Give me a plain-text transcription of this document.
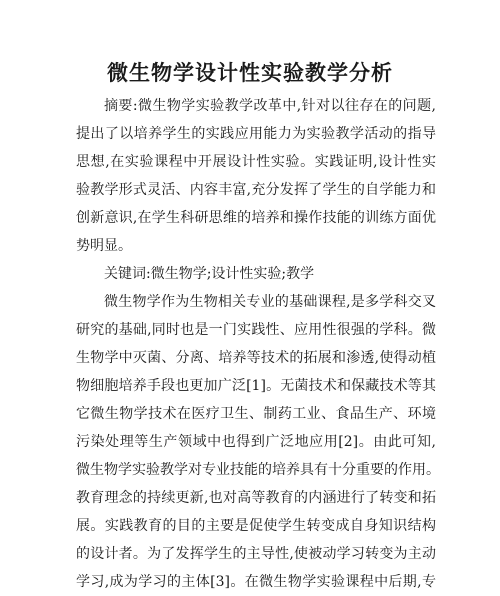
微生物学设计性实验教学分析
摘要:微生物学实验教学改革中,针对以往存在的问题,
提出了以培养学生的实践应用能力为实验教学活动的指导
思想,在实验课程中开展设计性实验。实践证明,设计性实
验教学形式灵活、内容丰富,充分发挥了学生的自学能力和
创新意识,在学生科研思维的培养和操作技能的训练方面优
势明显。
关键词:微生物学;设计性实验;教学
微生物学作为生物相关专业的基础课程,是多学科交叉
研究的基础,同时也是一门实践性、应用性很强的学科。微
生物学中灭菌、分离、培养等技术的拓展和渗透,使得动植
物细胞培养手段也更加广泛[1]。无菌技术和保藏技术等其
它微生物学技术在医疗卫生、制药工业、食品生产、环境
污染处理等生产领域中也得到广泛地应用[2]。由此可知,
微生物学实验教学对专业技能的培养具有十分重要的作用。
教育理念的持续更新,也对高等教育的内涵进行了转变和拓
展。实践教育的目的主要是促使学生转变成自身知识结构
的设计者。为了发挥学生的主导性,使被动学习转变为主动
学习,成为学习的主体[3]。在微生物学实验课程中后期,专
